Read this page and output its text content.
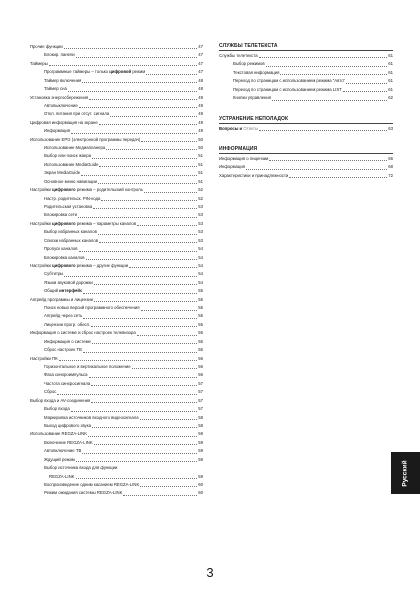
Прочие функции	47
Блокир. панели	47
Таймеры	47
Программные таймеры – только цифровой режим	47
Таймер включения	48
Таймер сна	48
Установка энергосбережения	49
Автовыключение	49
Откл. питания при отсут. сигнала	49
Цифровая информация на экране	49
Информация	49
Использование EPG (электронной программы передач)	50
Использование Медиапланера	50
Выбор или поиск жанра	51
Использование MediaGuide	51
Экран MediaGuide	51
Основное меню навигации	51
Настройки цифрового режима – родительский контроль	52
Настр. родительск. PIN-кода	52
Родительская установка	53
Блокировка сети	53
Настройки цифрового режима – параметры каналов	53
Выбор избранных каналов	53
Списки избранных каналов	53
Пропуск каналов	54
Блокировка каналов	54
Настройки цифрового режима – другие функции	54
Субтитры	54
Языки звуковой дорожки	54
Общий интерфейс	55
Апгрейд программы и лицензии	55
Поиск новых версий программного обеспечения	55
Апгрейд через сеть	55
Лицензии прогр. обесп.	55
Информация о системе и сброс настроек телевизора	56
Информация о системе	56
Сброс настроек ТВ	56
Настройки ПК	56
Горизонтальное и вертикальное положение	56
Фаза синхроимпульса	56
Частота синхросигнала	57
Сброс	57
Выбор входа и AV-соединения	57
Выбор входа	57
Маркировка источников входного видеосигнала	58
Выход цифрового звука	58
Использование REGZA-LINK	59
Включение REGZA-LINK	59
Автовключение ТВ	59
Ждущий режим	59
Выбор источника входа для функции
REGZA-LINK	59
Воспроизведение одним касанием REGZA-LINK	60
Режим ожидания системы REGZA-LINK	60
СЛУЖБЫ ТЕЛЕТЕКСТА
Службы телетекста	61
Выбор режимов	61
Текстовая информация	61
Переход по страницам с использованием режима "Авто"	61
Переход по страницам с использованием режима LIST	61
Кнопки управления	62
УСТРАНЕНИЕ НЕПОЛАДОК
Вопросы и Ответы	63
ИНФОРМАЦИЯ
Информация о лицензии	66
Информация	68
Характеристики и принадлежности	72
3
Русский
